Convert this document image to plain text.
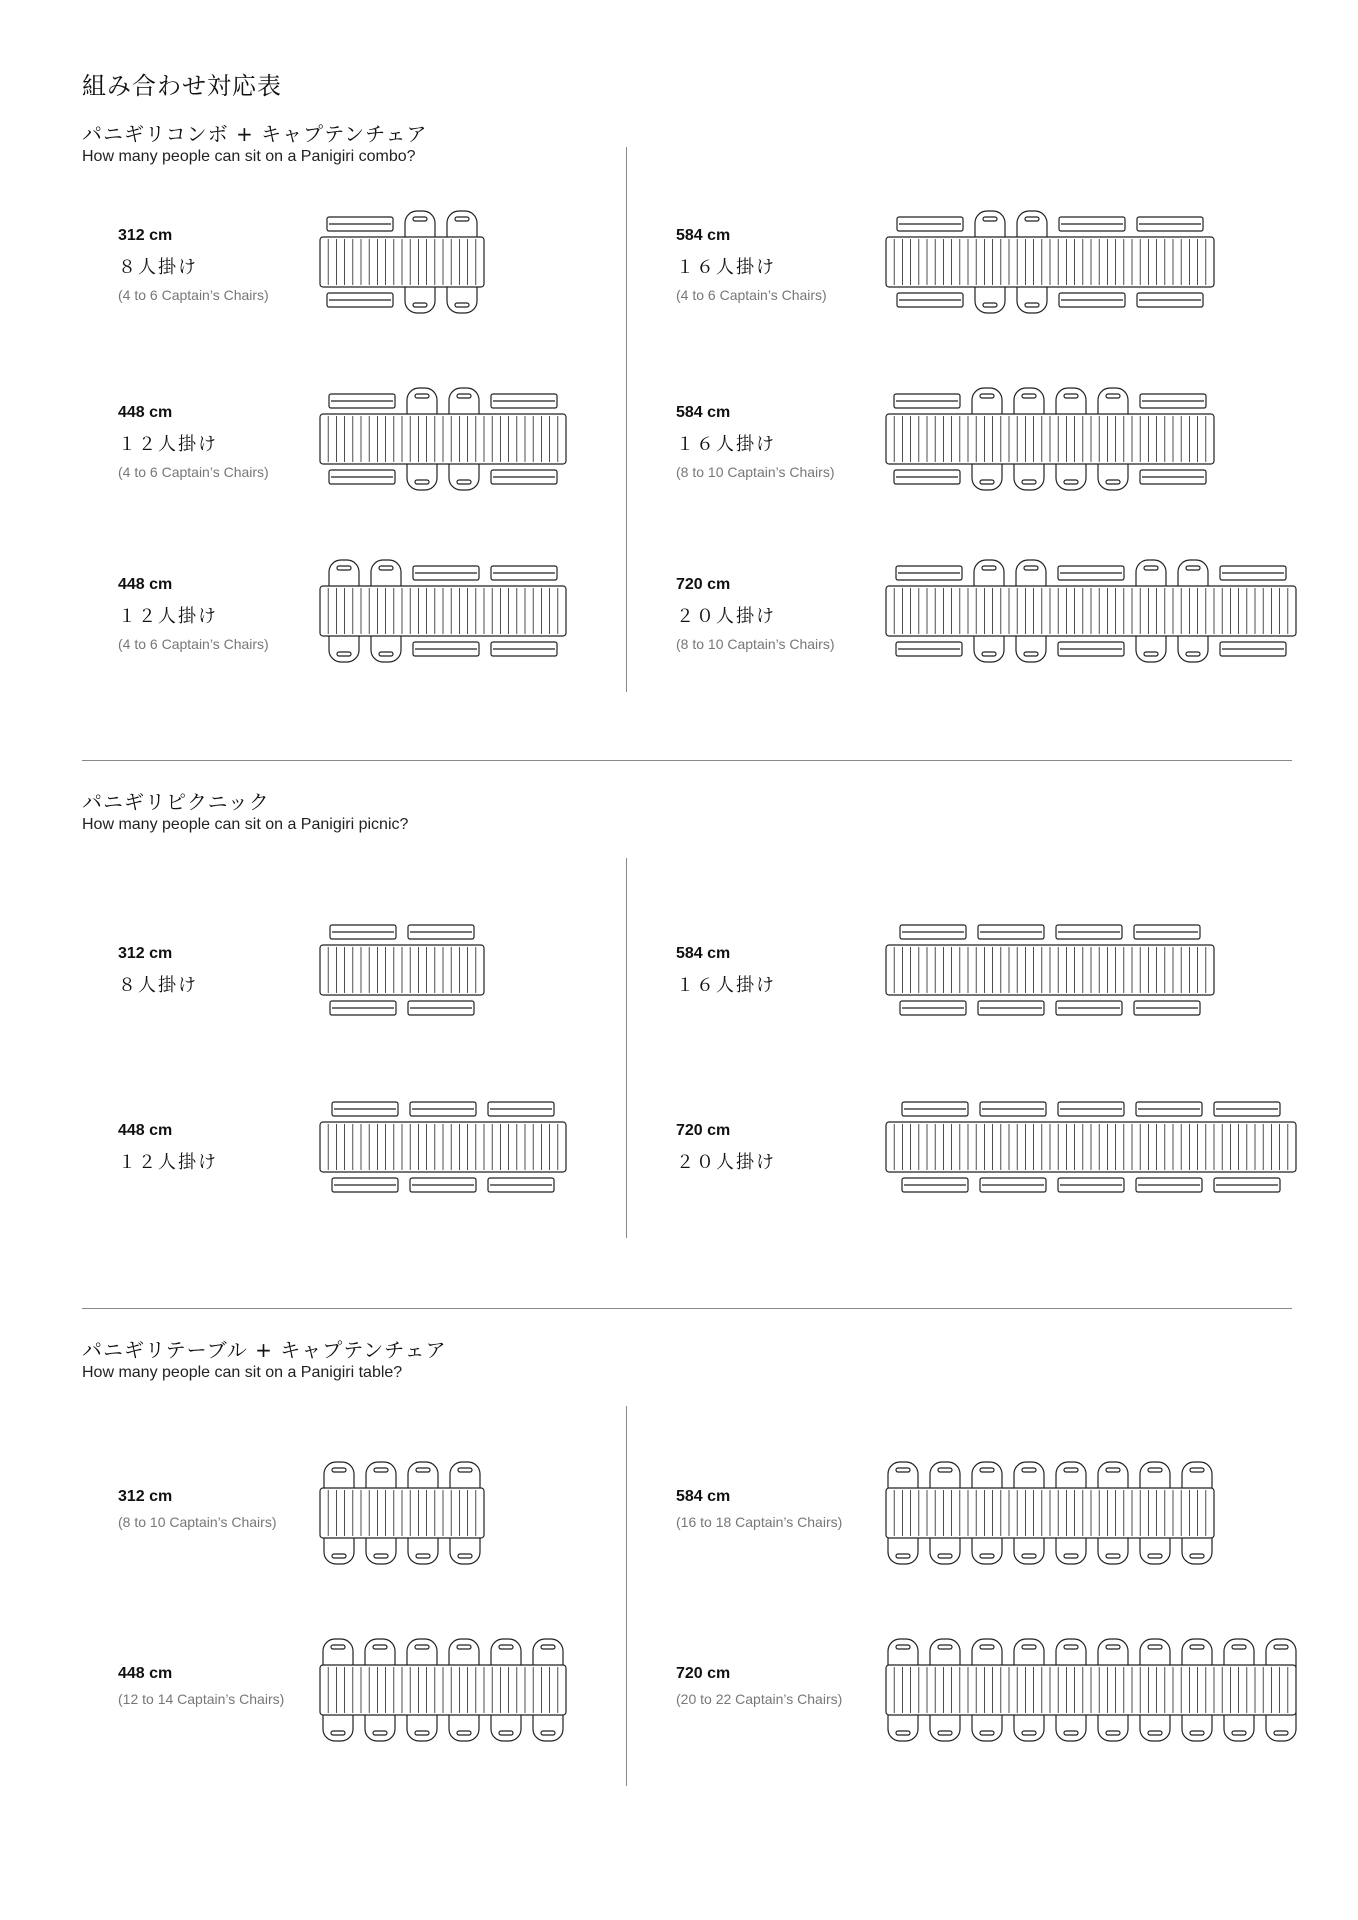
組み合わせ対応表
パニギリコンボ + キャプテンチェア
How many people can sit on a Panigiri combo?
312 cm
８人掛け
(4 to 6 Captain’s Chairs)
584 cm
１６人掛け
(4 to 6 Captain’s Chairs)
448 cm
１２人掛け
(4 to 6 Captain’s Chairs)
584 cm
１６人掛け
(8 to 10 Captain’s Chairs)
448 cm
１２人掛け
(4 to 6 Captain’s Chairs)
720 cm
２０人掛け
(8 to 10 Captain’s Chairs)
パニギリピクニック
How many people can sit on a Panigiri picnic?
312 cm
８人掛け
584 cm
１６人掛け
448 cm
１２人掛け
720 cm
２０人掛け
パニギリテーブル + キャプテンチェア
How many people can sit on a Panigiri table?
312 cm
(8 to 10 Captain’s Chairs)
584 cm
(16 to 18 Captain’s Chairs)
448 cm
(12 to 14 Captain’s Chairs)
720 cm
(20 to 22 Captain’s Chairs)
